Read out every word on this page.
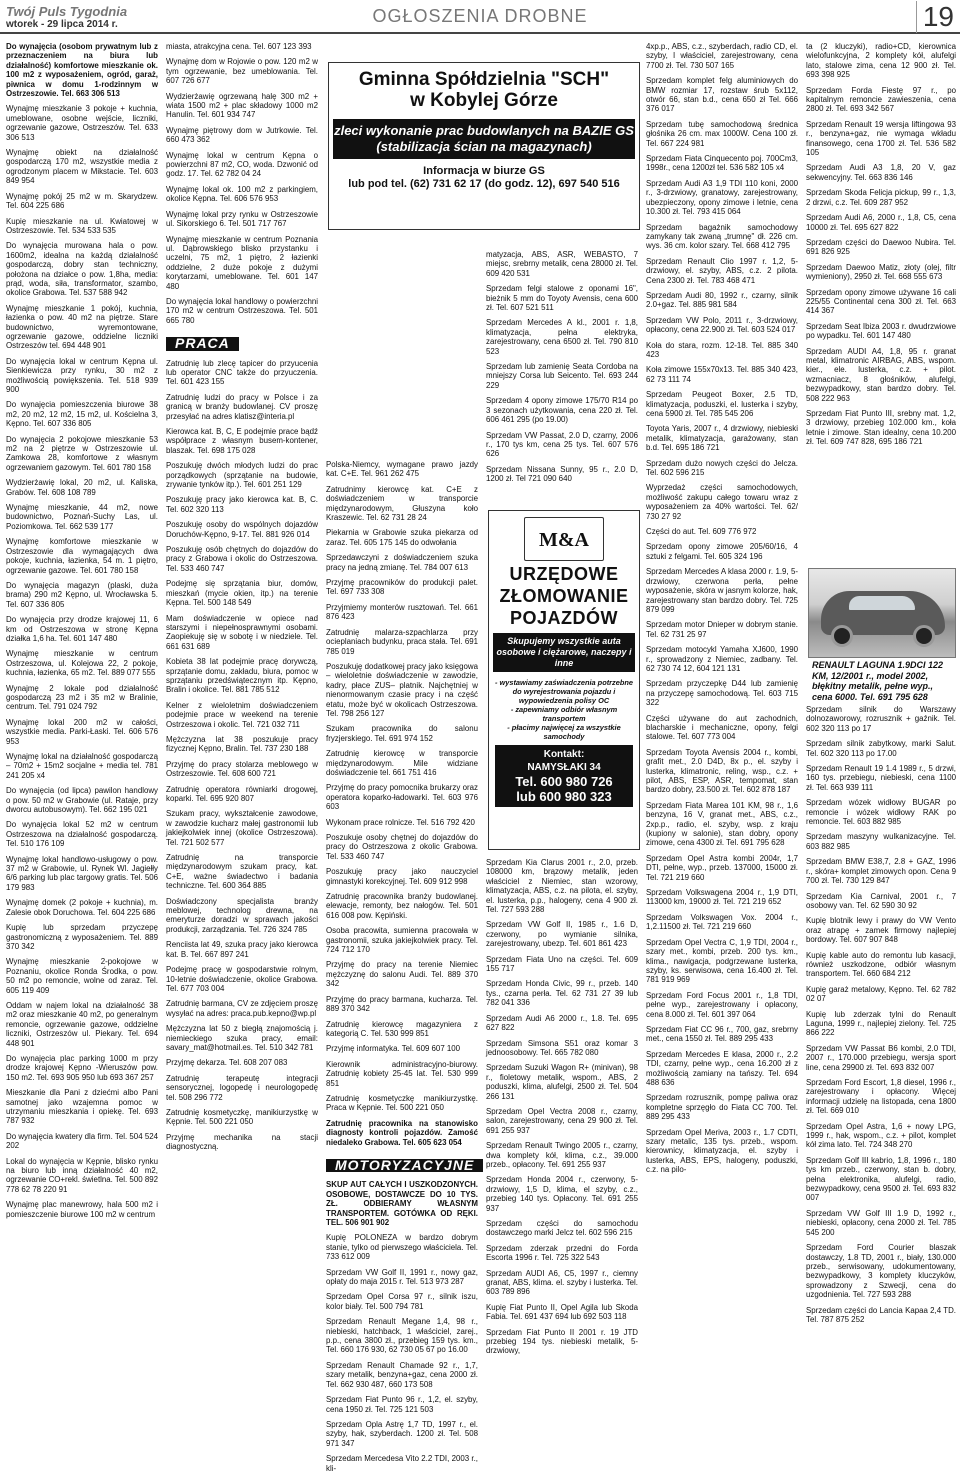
Twój Puls Tygodnia
wtorek - 29 lipca 2014 r.	OGŁOSZENIA DROBNE	19

Do wynajęcia (osobom prywatnym lub z przeznaczeniem na biura lub działalność) komfortowe mieszkanie ok. 100 m2 z wyposażeniem, ogród, garaż, piwnica w domu 1-rodzinnym w Ostrzeszowie. Tel. 663 306 513

Wynajmę mieszkanie 3 pokoje + kuchnia, umeblowane, osobne wejście, liczniki, ogrzewanie gazowe, Ostrzeszów. Tel. 633 306 513

Wynajmę obiekt na działalność gospodarczą 170 m2, wszystkie media z ogrodzonym placem w Mikstacie. Tel. 603 849 954

Wynajmę pokój 25 m2 w m. Skarydzew. Tel. 604 225 686

Kupię mieszkanie na ul. Kwiatowej w Ostrzeszowie. Tel. 534 533 535

Do wynajęcia murowana hala o pow. 1600m2, idealna na każdą działalność gospodarczą, dobry stan techniczny, położona na działce o pow. 1,8ha, media: prąd, woda, siła, transformator, szambo, okolice Grabowa. Tel. 537 588 942

Wynajmę mieszkanie 1 pokój, kuchnia, łazienka o pow. 40 m2 na piętrze. Stare budownictwo, wyremontowane, ogrzewanie gazowe, oddzielne liczniki Ostrzeszów tel. 694 448 901

Do wynajęcia lokal w centrum Kępna ul. Sienkiewicza przy rynku, 30 m2 z możliwością powiększenia. Tel. 518 939 900

Do wynajęcia pomieszczenia biurowe 38 m2, 20 m2, 12 m2, 15 m2, ul. Kościelna 3, Kępno. Tel. 607 336 805

Do wynajęcia 2 pokojowe mieszkanie 53 m2 na 2 piętrze w Ostrzeszowie ul. Zamkowa 28, komfortowe z własnym ogrzewaniem gazowym. Tel. 601 780 158

Wydzierżawię lokal, 20 m2, ul. Kaliska, Grabów. Tel. 608 108 789

Wynajmę mieszkanie, 44 m2, nowe budownictwo, Poznań-Suchy Las, ul. Poziomkowa. Tel. 662 539 177

Wynajmę komfortowe mieszkanie w Ostrzeszowie dla wymagających dwa pokoje, kuchnia, łazienka, 54 m. 1 piętro, ogrzewanie gazowe. Tel. 601 780 158

Do wynajęcia magazyn (plaski, duża brama) 290 m2 Kępno, ul. Wrocławska 5. Tel. 607 336 805

Do wynajęcia przy drodze krajowej 11, 6 km od Ostrzeszowa w stronę Kępna działka 1,6 ha. Tel. 601 147 480

Wynajmę mieszkanie w centrum Ostrzeszowa, ul. Kolejowa 22, 2 pokoje, kuchnia, łazienka, 65 m2. Tel. 889 077 555

Wynajmę 2 lokale pod działalność gospodarczą 23 m2 i 35 m2 w Bralinie, centrum. Tel. 791 024 792

Wynajmę lokal 200 m2 w całości, wszystkie media. Parki-Łaski. Tel. 606 576 953

Wynajmę lokal na działalność gospodarczą – 70m2 + 15m2 socjalne + media tel. 781 241 205 x4

Do wynajęcia (od lipca) pawilon handlowy o pow. 50 m2 w Grabowie (ul. Rataje, przy dworcu autobusowym). Tel. 662 195 021

Do wynajęcia lokal 52 m2 w centrum Ostrzeszowa na działalność gospodarczą. Tel. 510 176 109

Wynajmę lokal handlowo-usługowy o pow. 37 m2 w Grabowie, ul. Rynek Wl. Jagiełły 6/6 parking lub plac targowy gratis. Tel. 506 179 983

Wynajmę domek (2 pokoje + kuchnia), m. Zalesie obok Doruchowa. Tel. 604 225 686

Kupię lub sprzedam przyczepę gastronomiczną z wyposażeniem. Tel. 889 370 342

Wynajmę mieszkanie 2-pokojowe w Poznaniu, okolice Ronda Środka, o pow. 50 m2 po remoncie, wolne od zaraz. Tel. 605 119 409

Oddam w najem lokal na działalność 38 m2 oraz mieszkanie 40 m2, po generalnym remoncie, ogrzewanie gazowe, oddzielne liczniki, Ostrzeszów ul. Piekary. Tel. 694 448 901

Do wynajęcia plac parking 1000 m przy drodze krajowej Kępno -Wieruszów pow. 150 m2. Tel. 693 905 950 lub 693 367 257

Mieszkanie dla Pani z dziećmi albo Pani samotnej jako wzajemna pomoc w utrzymaniu mieszkania i opiekę. Tel. 693 787 932

Do wynajęcia kwatery dla firm. Tel. 504 524 202

Lokal do wynajęcia w Kępnie, blisko rynku na biuro lub inną działalność 40 m2, ogrzewanie CO+rekl. świetlna. Tel. 500 892 778 62 78 220 91

Wynajmę plac manewrowy, hala 500 m2 i pomieszczenie biurowe 100 m2 w centrum

miasta, atrakcyjna cena. Tel. 607 123 393

Wynajmę dom w Rojowie o pow. 120 m2 w tym ogrzewanie, bez umeblowania. Tel. 607 726 677

Wydzierżawię ogrzewaną halę 300 m2 + wiata 1500 m2 + plac składowy 1000 m2 Hanulin. Tel. 601 934 747

Wynajmę piętrowy dom w Jutrkowie. Tel. 660 473 362

Wynajmę lokal w centrum Kępna o powierzchni 87 m2, CO, woda. Dzwonić od godz. 17. Tel. 62 782 04 24

Wynajmę lokal ok. 100 m2 z parkingiem, okolice Kępna. Tel. 606 576 953

Wynajmę lokal przy rynku w Ostrzeszowie ul. Sikorskiego 6. Tel. 501 717 767

Wynajmę mieszkanie w centrum Poznania ul. Dąbrowskiego blisko przystanku i uczelni, 75 m2, 1 piętro, 2 łazienki oddzielne, 2 duże pokoje z dużymi korytarzami, umeblowane. Tel. 601 147 480

Do wynajęcia lokal handlowy o powierzchni 170 m2 w centrum Ostrzeszowa. Tel. 501 665 780

PRACA

Zatrudnię lub zlecę tapicer do przyucenia lub operator CNC także do przyuczenia. Tel. 601 423 155

Zatrudnię ludzi do pracy w Polsce i za granicą w branży budowlanej. CV proszę przesyłać na adres klatisz@interia.pl

Kierowca kat. B, C, E podejmie prace bądź współprace z własnym busem-kontener, blaszak. Tel. 698 175 028

Poszukuję dwóch młodych ludzi do prac porządkowych (sprzątanie na budowie, zrywanie tynków itp.). Tel. 601 251 129

Poszukuję pracy jako kierowca kat. B, C. Tel. 602 320 113

Poszukuję osoby do wspólnych dojazdów Doruchów-Kępno, 9-17. Tel. 881 926 014

Poszukuję osób chętnych do dojazdów do pracy z Grabowa i okolic do Ostrzeszowa. Tel. 533 460 747

Podejmę się sprzątania biur, domów, mieszkań (mycie okien, itp.) na terenie Kępna. Tel. 500 148 549

Mam doświadczenie w opiece nad starszymi i niepełnosprawnymi osobami. Zaopiekuję się w sobotę i w niedziele. Tel. 661 631 689

Kobieta 38 lat podejmie pracę dorywczą, sprzątanie domu, zakładu, biura, pomoc w sprzątaniu przedświątecznym itp. Kępno, Bralin i okolice. Tel. 881 785 512

Kelner z wieloletnim doświadczeniem podejmie prace w weekend na terenie Ostrzeszowa i okolic. Tel. 721 032 711

Mężczyzna lat 38 poszukuje pracy fizycznej Kępno, Bralin. Tel. 737 230 188

Przyjmę do pracy stolarza meblowego w Ostrzeszowie. Tel. 608 600 721

Zatrudnię operatora równiarki drogowej, koparki. Tel. 695 920 807

Szukam pracy, wykształcenie zawodowe, w zawodzie kucharz małej gastronomii lub jakiejkolwiek innej (okolice Ostrzeszowa). Tel. 721 502 577

Zatrudnię na transporcie międzynarodowym szukam pracy, kat. C+E, ważne świadectwo i badania techniczne. Tel. 600 364 885

Doświadczony specjalista branży meblowej, technolog drewna, na emeryturze doradzi w sprawach jakości produkcji, zarządzania. Tel. 726 324 785

Renciista lat 49, szuka pracy jako kierowca kat. B. Tel. 667 897 241

Podejmę pracę w gospodarstwie rolnym, 10-letnie doświadczenie, okolice Grabowa. Tel. 677 703 004

Zatrudnię barmana, CV ze zdjęciem proszę wysyłać na adres: praca.pub.kepno@wp.pl

Mężczyzna lat 50 z biegłą znajomością j. niemieckiego szuka pracy, email: savary_mat@hotmail.es. Tel. 510 342 781

Przyjmę dekarza. Tel. 608 207 083

Zatrudnię terapeutę integracji sensorycznej, logopedę i neurologopedę tel. 508 296 772

Zatrudnię kosmetyczkę, manikiurzystkę w Kępnie. Tel. 500 221 050

Przyjmę mechanika na stacji diagnostyczną.

Gminna Spółdzielnia "SCH"
w Kobylej Górze
zleci wykonanie prac budowlanych na BAZIE GS
(stabilizacja ścian na magazynach)
Informacja w biurze GS
lub pod tel. (62) 731 62 17 (do godz. 12), 697 540 516

Polska-Niemcy, wymagane prawo jazdy kat. C+E. Tel. 961 262 475

Zatrudnimy kierowcę kat. C+E z doświadczeniem w transporcie międzynarodowym, Głuszyna koło Kraszewic. Tel. 62 731 28 24

Piekarnia w Grabowie szuka piekarza od zaraz. Tel. 605 175 145 do odwołania

Sprzedawczyni z doświadczeniem szuka pracy na jedną zmianę. Tel. 784 007 613

Przyjmę pracowników do produkcji palet. Tel. 697 733 308

Przyjmiemy monterów rusztowań. Tel. 661 876 423

Zatrudnię malarza-szpachlarza przy ocieplaniach budynku, praca stała. Tel. 691 785 019

Poszukuję dodatkowej pracy jako księgowa – wieloletnie doświadczenie w zawodzie, kadry, płace ZUS– platnik. Najchętniej w nienormowanym czasie pracy i na część etatu, może być w okolicach Ostrzeszowa. Tel. 798 256 127

Szukam pracownika do salonu fryzjerskiego. Tel. 691 974 152

Zatrudnię kierowcę w transporcie międzynarodowym. Mile widziane doświadczenie tel. 661 751 416

Przyjmę do pracy pomocnika brukarzy oraz operatora koparko-ładowarki. Tel. 603 976 603

Wykonam prace rolnicze. Tel. 516 792 420

Poszukuje osoby chętnej do dojazdów do pracy do Ostrzeszowa z okolic Grabowa. Tel. 533 460 747

Poszukuję pracy jako nauczyciel gimnastyki korekcyjnej. Tel. 609 912 998

Zatrudnię pracownika branży budowlanej. elewacje, remonty, bez nałogów. Tel. 501 616 008 pow. Kępiński.

Osoba pracowita, sumienna pracowała w gastronomii, szuka jakiejkolwiek pracy. Tel. 724 712 170

Przyjmę do pracy na terenie Niemiec mężczyznę do salonu Audi. Tel. 889 370 342

Przyjmę do pracy barmana, kucharza. Tel. 889 370 342

Zatrudnię kierowcę magazyniera z kategorią C. Tel. 530 999 851

Przyjmę informatyka. Tel. 609 607 100

Kierownik administracyjno-biurowy. Zatrudnię kobiety 25-45 lat. Tel. 530 999 851

Zatrudnię kosmetyczkę manikiurzystkę. Praca w Kępnie. Tel. 500 221 050

Zatrudnię pracownika na stanowisko diagnosty kontroli pojazdów. Zamość niedaleko Grabowa. Tel. 605 623 054

MOTORYZACYJNE

SKUP AUT CAŁYCH I USZKODZONYCH. OSOBOWE, DOSTAWCZE DO 10 TYS. ZŁ. ODBIERAMY WŁASNYM TRANSPORTEM. GOTÓWKA OD RĘKI. TEL. 506 901 902

Kupię POLONEZA w bardzo dobrym stanie, tylko od pierwszego właściciela. Tel. 733 612 009

Sprzedam VW Golf II, 1991 r., nowy gaz, opłaty do maja 2015 r. Tel. 513 973 287

Sprzedam Opel Corsa 97 r., silnik iszu, kolor biały. Tel. 500 794 781

Sprzedam Renault Megane 1,4, 98 r., niebieski, hatchback, 1 właściciel, zarej., p.p., cena 3800 zł., przebieg 159 tys. km., Tel. 660 176 930, 62 730 05 67 po 16.00

Sprzedam Renault Chamade 92 r., 1,7, szary metalik, benzyna+gaz, cena 2000 zł. Tel. 662 930 487, 660 173 508

Sprzedam Fiat Punto 96 r., 1,2, el. szyby, cena 1950 zł. Tel. 725 121 503

Sprzedam Opla Astrę 1,7 TD, 1997 r., el. szyby, hak, szyberdach. 1200 zł. Tel. 508 971 347

Sprzedam Mercedesa Vito 2.2 TDI, 2003 r., kli-

matyzacja, ABS, ASR, WEBASTO, 7 miejsc, srebrny metalik, cena 28000 zł. Tel. 609 420 531

Sprzedam felgi stalowe z oponami 16", bieżnik 5 mm do Toyoty Avensis, cena 600 zł. Tel. 607 521 511

Sprzedam Mercedes A kl., 2001 r. 1,8, klimatyzacja, pełna elektryka, zarejestrowany, cena 6500 zł. Tel. 790 810 523

Sprzedam lub zamienię Seata Cordoba na mniejszy Corsa lub Seicento. Tel. 693 244 229

Sprzedam 4 opony zimowe 175/70 R14 po 3 sezonach użytkowania, cena 220 zł. Tel. 606 461 295 (po 19.00)

Sprzedam VW Passat, 2.0 D, czarny, 2006 r., 170 tys km, cena 25 tys. Tel. 607 576 626

Sprzedam Nissana Sunny, 95 r., 2.0 D, 1200 zł. Tel 721 090 640

M&A
URZĘDOWE
ZŁOMOWANIE
POJAZDÓW
Skupujemy wszystkie auta osobowe i ciężarowe, naczepy i inne
- wystawiamy zaświadczenia potrzebne do wyrejestrowania pojazdu i wypowiedzenia polisy OC
- zapewniamy odbiór własnym transportem
- płacimy najwięcej za wszystkie samochody
Kontakt:
NAMYSŁAKI 34
Tel. 600 980 726
lub 600 980 323

Sprzedam Kia Clarus 2001 r., 2.0, przeb. 108000 km, brązowy metalik, jeden właściciel z Niemiec, stan wzorowy, klimatyzacja, ABS, c.z. na pilota, el. szyby, el. lusterka, p.p., halogeny, cena 4 900 zł. Tel. 727 593 288

Sprzedam VW Golf II, 1985 r., 1.6 D, czerwony, po wymianie silnika, zarejestrowany, ubezp. Tel. 601 861 423

Sprzedam Fiata Uno na części. Tel. 609 155 717

Sprzedam Honda Civic, 99 r., przeb. 140 tys., czarna perła. Tel. 62 731 27 39 lub 782 041 336

Sprzedam Audi A6 2000 r., 1.8. Tel. 695 627 822

Sprzedam Simsona S51 oraz komar 3 jednoosobowy. Tel. 665 782 080

Sprzedam Suzuki Wagon R+ (minivan), 98 r., fioletowy metalik, wspom., ABS, 2 poduszki, klima, alufelgi, 2500 zł. Tel. 504 266 131

Sprzedam Opel Vectra 2008 r., czarny, salon, zarejestrowany, cena 29 900 zł. Tel. 691 255 937

Sprzedam Renault Twingo 2005 r., czarny, dwa komplety kół, klima, c.z., 39.000 przeb., opłacony. Tel. 691 255 937

Sprzedam Honda 2004 r., czerwony, 5-drzwiowy, 1,5 D, klima, el szyby, c.z., przebieg 140 tys. Opłacony. Tel. 691 255 937

Sprzedam części do samochodu dostawczego marki Jelcz tel. 602 596 215

Sprzedam zderzak przedni do Forda Escorta 1996 r. Tel. 725 322 543

Sprzedam AUDI A6, C5, 1997 r., ciemny granat, ABS, klima. el. szyby i lusterka. Tel. 603 789 896

Kupię Fiat Punto II, Opel Agila lub Skoda Fabia. Tel. 691 437 694 lub 692 503 118

Sprzedam Fiat Punto II 2001 r. 19 JTD przebieg 194 tys. niebieski metalik, 5-drzwiowy,

4xp.p., ABS, c.z., szyberdach, radio CD, el. szyby, I właściciel, zarejestrowany, cena 7700 zł. Tel. 730 507 165

Sprzedam komplet felg aluminiowych do BMW rozmiar 17, rozstaw śrub 5x112, otwór 66, stan b.d., cena 650 zł Tel. 666 376 017

Sprzedam tubę samochodową średnica głośnika 26 cm. max 1000W. Cena 100 zł. Tel. 667 224 981

Sprzedam Fiata Cinquecento poj. 700Cm3, 1998r., cena 1200zł tel. 536 582 105 x4

Sprzedam Audi A3 1,9 TDI 110 koni, 2000 r., 3-drzwiowy, granatowy, zarejestrowany, ubezpieczony, opony zimowe i letnie, cena 10.300 zł. Tel. 793 415 064

Sprzedam bagażnik samochodowy zamykany tak zwaną „trumnę" dł. 226 cm. wys. 36 cm. kolor szary. Tel. 668 412 795

Sprzedam Renault Clio 1997 r. 1,2, 5-drzwiowy, el. szyby, ABS, c.z. 2 pilota. Cena 2300 zł. Tel. 783 468 471

Sprzedam Audi 80, 1992 r., czarny, silnik 2.0+gaz. Tel. 885 981 584

Sprzedam VW Polo, 2011 r., 3-drzwiowy, opłacony, cena 22.900 zł. Tel. 603 524 017

Koła do stara, rozm. 12-18. Tel. 885 340 423

Koła zimowe 155x70x13. Tel. 885 340 423, 62 73 111 74

Sprzedam Peugeot Boxer, 2.5 TD, klimatyzacja, poduszki, el. lusterka i szyby, cena 5900 zł. Tel. 785 545 206

Toyota Yaris, 2007 r., 4 drzwiowy, niebieski metalik, klimatyzacja, garażowany, stan b.d. Tel. 695 186 721

Sprzedam dużo nowych części do Jelcza. Tel. 602 596 215

Wyprzedaż części samochodowych, możliwość zakupu całego towaru wraz z wyposażeniem za 40% wartości. Tel. 62/ 730 27 92

Części do aut. Tel. 609 776 972

Sprzedam opony zimowe 205/60/16, 4 sztuki z felgami. Tel. 605 324 196

Sprzedam Mercedes A klasa 2000 r. 1.9, 5-drzwiowy, czerwona perła, pełne wyposażenie, skóra w jasnym kolorze, hak, zarejestrowany stan bardzo dobry. Tel. 725 879 099

Sprzedam motor Dnieper w dobrym stanie. Tel. 62 731 25 97

Sprzedam motocykl Yamaha XJ600, 1990 r., sprowadzony z Niemiec, zadbany. Tel. 62 730 74 12, 604 121 131

Sprzedam przyczepkę D44 lub zamienię na przyczepę samochodową. Tel. 603 715 322

Części używane do aut zachodnich, blacharskie i mechaniczne, opony, felgi stalowe. Tel. 607 773 004

Sprzedam Toyota Avensis 2004 r., kombi, grafit met., 2.0 D4D, 8x p., el. szyby i lusterka, klimatronic, reling, wsp., c.z. + pilot, ABS, ESP, ASR, tempomat, stan bardzo dobry, 23.500 zł. Tel. 602 878 187

Sprzedam Fiata Marea 101 KM, 98 r., 1,6 benzyna, 16 V, granat met., ABS, c.z., 2xp.p., radio, el. szyby, wsp. z kraju (kupiony w salonie), stan dobry, opony zimowe, cena 4300 zł. Tel. 691 795 628

Sprzedam Opel Astra kombi 2004r, 1,7 DTI, pełne, wyp., przeb. 137000, 15000 zł. Tel. 721 219 660

Sprzedam Volkswagena 2004 r., 1,9 DTI, 113000 km, 19000 zł. Tel. 721 219 652

Sprzedam Volkswagen Vox. 2004 r., 1,2.11500 zł. Tel. 721 219 660

Sprzedam Opel Vectra C, 1,9 TDI, 2004 r., szary met., kombi, przeb. 200 tys. km., klima., nawigacja, podgrzewane lusterka, szyby, ks. serwisowa, cena 16.400 zł. Tel. 781 919 969

Sprzedam Ford Focus 2001 r., 1,8 TDI, pełne wyp., zarejestrowany i opłacony, cena 8.000 zł. Tel. 601 397 064

Sprzedam Fiat CC 96 r., 700, gaz, srebrny met., cena 1550 zł. Tel. 889 295 433

Sprzedam Mercedes E klasa, 2000 r., 2.2 TDI, czarny, pełne wyp., cena 16.200 zł z możliwością zamiany na tańszy. Tel. 694 488 636

Sprzedam rozrusznik, pompę paliwa oraz kompletne sprzęgło do Fiata CC 700. Tel. 889 295 433

Sprzedam Opel Meriva, 2003 r., 1.7 CDTI, szary metalic, 135 tys. przeb., wspom. kierownicy, klimatyzacja, el. szyby i lusterka, ABS, EPS, halogeny, poduszki, c.z. na pilo-

ta (2 kluczyki), radio+CD, kierownica wielofunkcyjna, 2 komplety kół, alufelgi lato, stalowe zima, cena 12 900 zł. Tel. 693 398 925

Sprzedam Forda Fiestę 97 r., po kapitalnym remoncie zawieszenia, cena 2800 zł. Tel. 693 342 567

Sprzedam Renault 19 wersja liftingowa 93 r., benzyna+gaz, nie wymaga wkładu finansowego, cena 1700 zł. Tel. 536 582 105

Sprzedam Audi A3 1,8, 20 V, gaz sekwencyjny. Tel. 663 836 146

Sprzedam Skoda Felicja pickup, 99 r., 1,3, 2 drzwi, c.z. Tel. 609 287 952

Sprzedam Audi A6, 2000 r., 1,8, C5, cena 10000 zł. Tel. 695 627 822

Sprzedam części do Daewoo Nubira. Tel. 691 826 925

Sprzedam Daewoo Matiz, złoty (olej, filtr wymieniony), 2950 zł. Tel. 668 555 673

Sprzedam opony zimowe używane 16 cali 225/55 Continental cena 300 zł. Tel. 663 414 367

Sprzedam Seat Ibiza 2003 r. dwudrzwiowe po wypadku. Tel. 601 147 480

Sprzedam AUDI A4, 1,8, 95 r. granat metal, klimatronic AIRBAG, ABS, wspom. kier., ele. lusterka, c.z. + pilot. wzmacniacz, 8 głośników, alufelgi, bezwypadkowy, stan bardzo dobry. Tel. 508 222 963

Sprzedam Fiat Punto III, srebny mat. 1,2, 3 drzwiowy, przebieg 102.000 km., koła letnie i zimowe. Stan idealny, cena 10.200 zł. Tel. 609 747 828, 695 186 721

RENAULT LAGUNA 1.9DCI 122 KM, 12/2001 r., model 2002, błękitny metalik, pełne wyp., cena 6000. Tel. 691 795 628

Sprzedam silnik do Warszawy dolnozaworowy, rozrusznik + gaźnik. Tel. 602 320 113 po 17

Sprzedam silnik zabytkowy, marki Salut. Tel. 602 320 113 po 17.00

Sprzedam Renault 19 1.4 1989 r., 5 drzwi, 160 tys. przebiegu, niebieski, cena 1100 zł. Tel. 663 939 111

Sprzedam wózek widłowy BUGAR po remoncie i wózek widłowy RAK po remoncie. Tel. 603 882 985

Sprzedam maszyny wulkanizacyjne. Tel. 603 882 985

Sprzedam BMW E38,7, 2.8 + GAZ, 1996 r., skóra+ komplet zimowych opon. Cena 9 700 zł. Tel. 730 129 847

Sprzedam Kia Carnival, 2001 r., 7 osobowy van. Tel. 62 590 30 92

Kupię blotnik lewy i prawy do VW Vento oraz atrapę + zamek firmowy najlepiej bordowy. Tel. 607 907 848

Kupię kable auto do remontu lub kasacji, również uszkodzone, odbiór własnym transportem. Tel. 660 684 212

Kupię garaż metalowy, Kępno. Tel. 62 782 02 07

Kupię lub zderzak tylni do Renault Laguna, 1999 r., najlepiej zielony. Tel. 725 866 222

Sprzedam VW Passat B6 kombi, 2.0 TDI, 2007 r., 170.000 przebiegu, wersja sport line, cena 29900 zł. Tel. 693 832 007

Sprzedam Ford Escort, 1,8 diesel, 1996 r., zarejestrowany i opłacony. Więcej informacji udzielę na listopada, cena 1800 zł. Tel. 669 010

Sprzedam Opel Astra, 1,6 + nowy LPG, 1999 r., hak, wspom., c.z. + pilot, komplet kół zima lato. Tel. 724 348 270

Sprzedam Golf III kabrio, 1,8, 1996 r., 180 tys km przeb., czerwony, stan b. dobry, pełna elektronika, alufelgi, radio, bezwypadkowy, cena 9500 zł. Tel. 693 832 007

Sprzedam VW Golf III 1.9 D, 1992 r., niebieski, opłacony, cena 2000 zł. Tel. 785 545 200

Sprzedam Ford Courier blaszak dostawczy, 1.8 TD, 2001 r., biały, 130.000 przeb., serwisowany, udokumentowany, bezwypadkowy, 3 komplety kluczyków, sprowadzony z Szwecji, cena do uzgodnienia. Tel. 727 593 288

Sprzedam części do Lancia Kapaa 2,4 TD. Tel. 787 875 252
